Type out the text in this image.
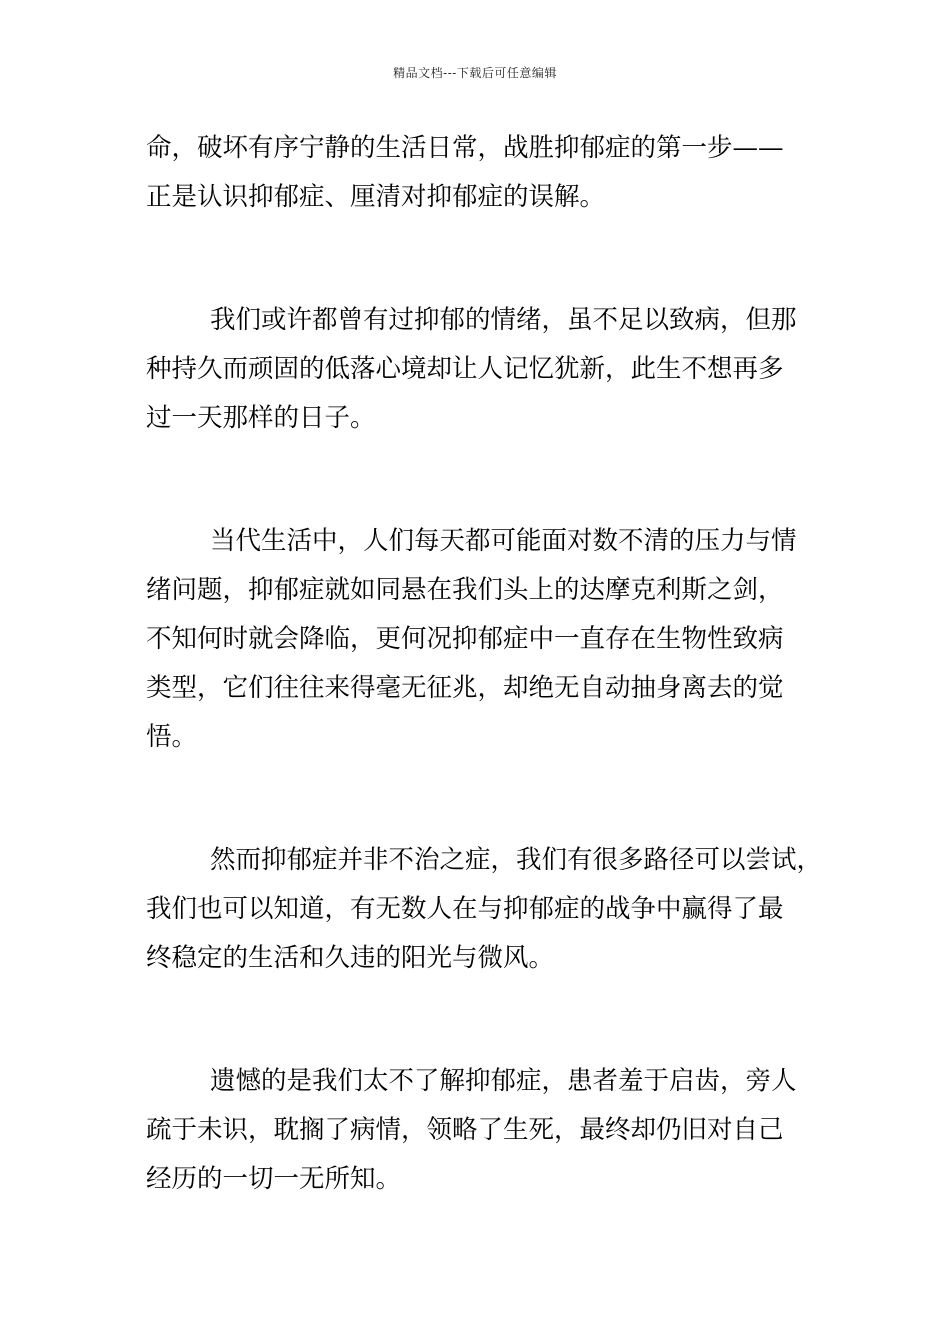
精品文档---下载后可任意编辑

命，破坏有序宁静的生活日常，战胜抑郁症的第一步——
正是认识抑郁症、厘清对抑郁症的误解。

我们或许都曾有过抑郁的情绪，虽不足以致病，但那
种持久而顽固的低落心境却让人记忆犹新，此生不想再多
过一天那样的日子。

当代生活中，人们每天都可能面对数不清的压力与情
绪问题，抑郁症就如同悬在我们头上的达摩克利斯之剑，
不知何时就会降临，更何况抑郁症中一直存在生物性致病
类型，它们往往来得毫无征兆，却绝无自动抽身离去的觉
悟。

然而抑郁症并非不治之症，我们有很多路径可以尝试，
我们也可以知道，有无数人在与抑郁症的战争中赢得了最
终稳定的生活和久违的阳光与微风。

遗憾的是我们太不了解抑郁症，患者羞于启齿，旁人
疏于未识，耽搁了病情，领略了生死，最终却仍旧对自己
经历的一切一无所知。
